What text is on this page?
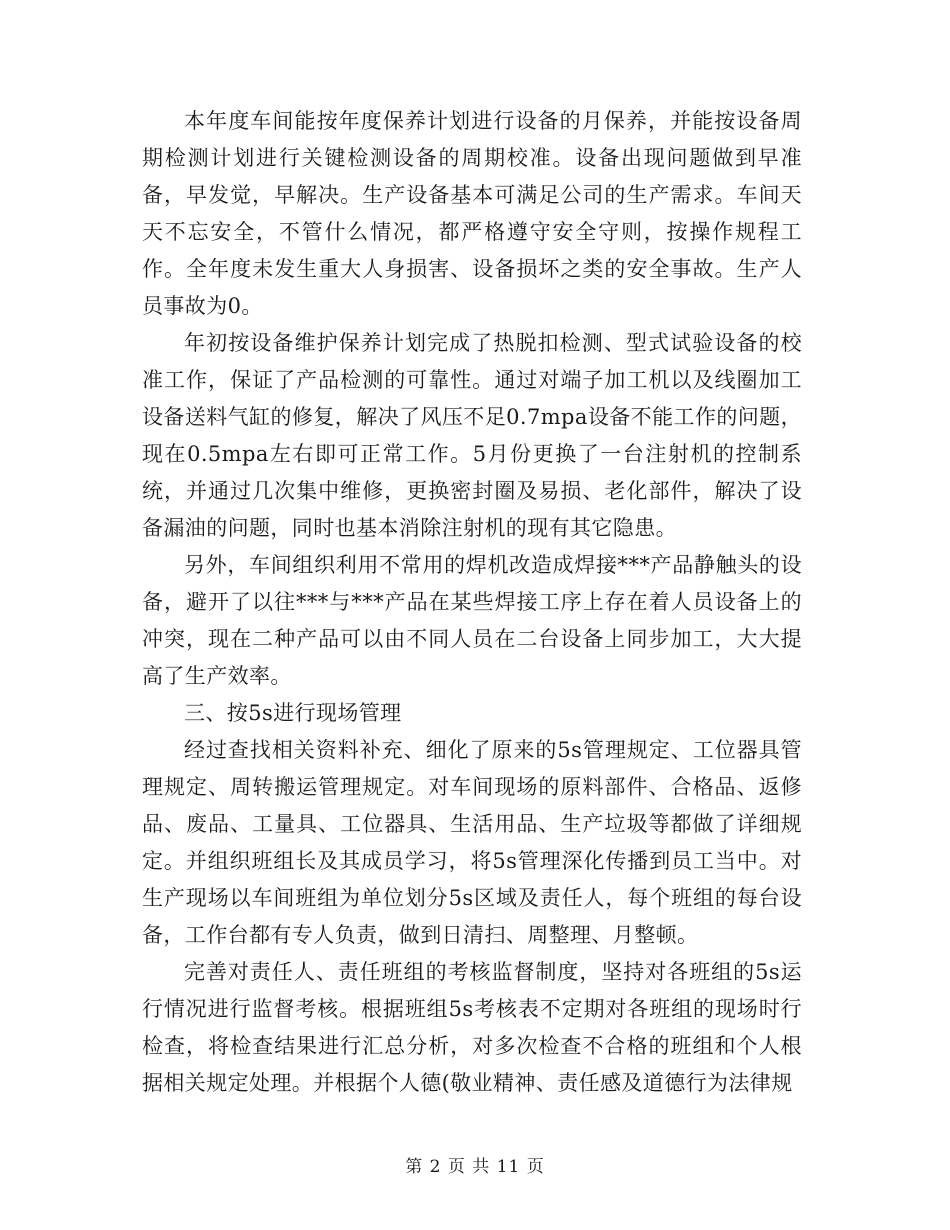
本年度车间能按年度保养计划进行设备的月保养，并能按设备周期检测计划进行关键检测设备的周期校准。设备出现问题做到早准备，早发觉，早解决。生产设备基本可满足公司的生产需求。车间天天不忘安全，不管什么情况，都严格遵守安全守则，按操作规程工作。全年度未发生重大人身损害、设备损坏之类的安全事故。生产人员事故为0。

年初按设备维护保养计划完成了热脱扣检测、型式试验设备的校准工作，保证了产品检测的可靠性。通过对端子加工机以及线圈加工设备送料气缸的修复，解决了风压不足0.7mpa设备不能工作的问题，现在0.5mpa左右即可正常工作。5月份更换了一台注射机的控制系统，并通过几次集中维修，更换密封圈及易损、老化部件，解决了设备漏油的问题，同时也基本消除注射机的现有其它隐患。

另外，车间组织利用不常用的焊机改造成焊接***产品静触头的设备，避开了以往***与***产品在某些焊接工序上存在着人员设备上的冲突，现在二种产品可以由不同人员在二台设备上同步加工，大大提高了生产效率。

三、按5s进行现场管理

经过查找相关资料补充、细化了原来的5s管理规定、工位器具管理规定、周转搬运管理规定。对车间现场的原料部件、合格品、返修品、废品、工量具、工位器具、生活用品、生产垃圾等都做了详细规定。并组织班组长及其成员学习，将5s管理深化传播到员工当中。对生产现场以车间班组为单位划分5s区域及责任人，每个班组的每台设备，工作台都有专人负责，做到日清扫、周整理、月整顿。

完善对责任人、责任班组的考核监督制度，坚持对各班组的5s运行情况进行监督考核。根据班组5s考核表不定期对各班组的现场时行检查，将检查结果进行汇总分析，对多次检查不合格的班组和个人根据相关规定处理。并根据个人德(敬业精神、责任感及道德行为法律规

第 2 页 共 11 页
